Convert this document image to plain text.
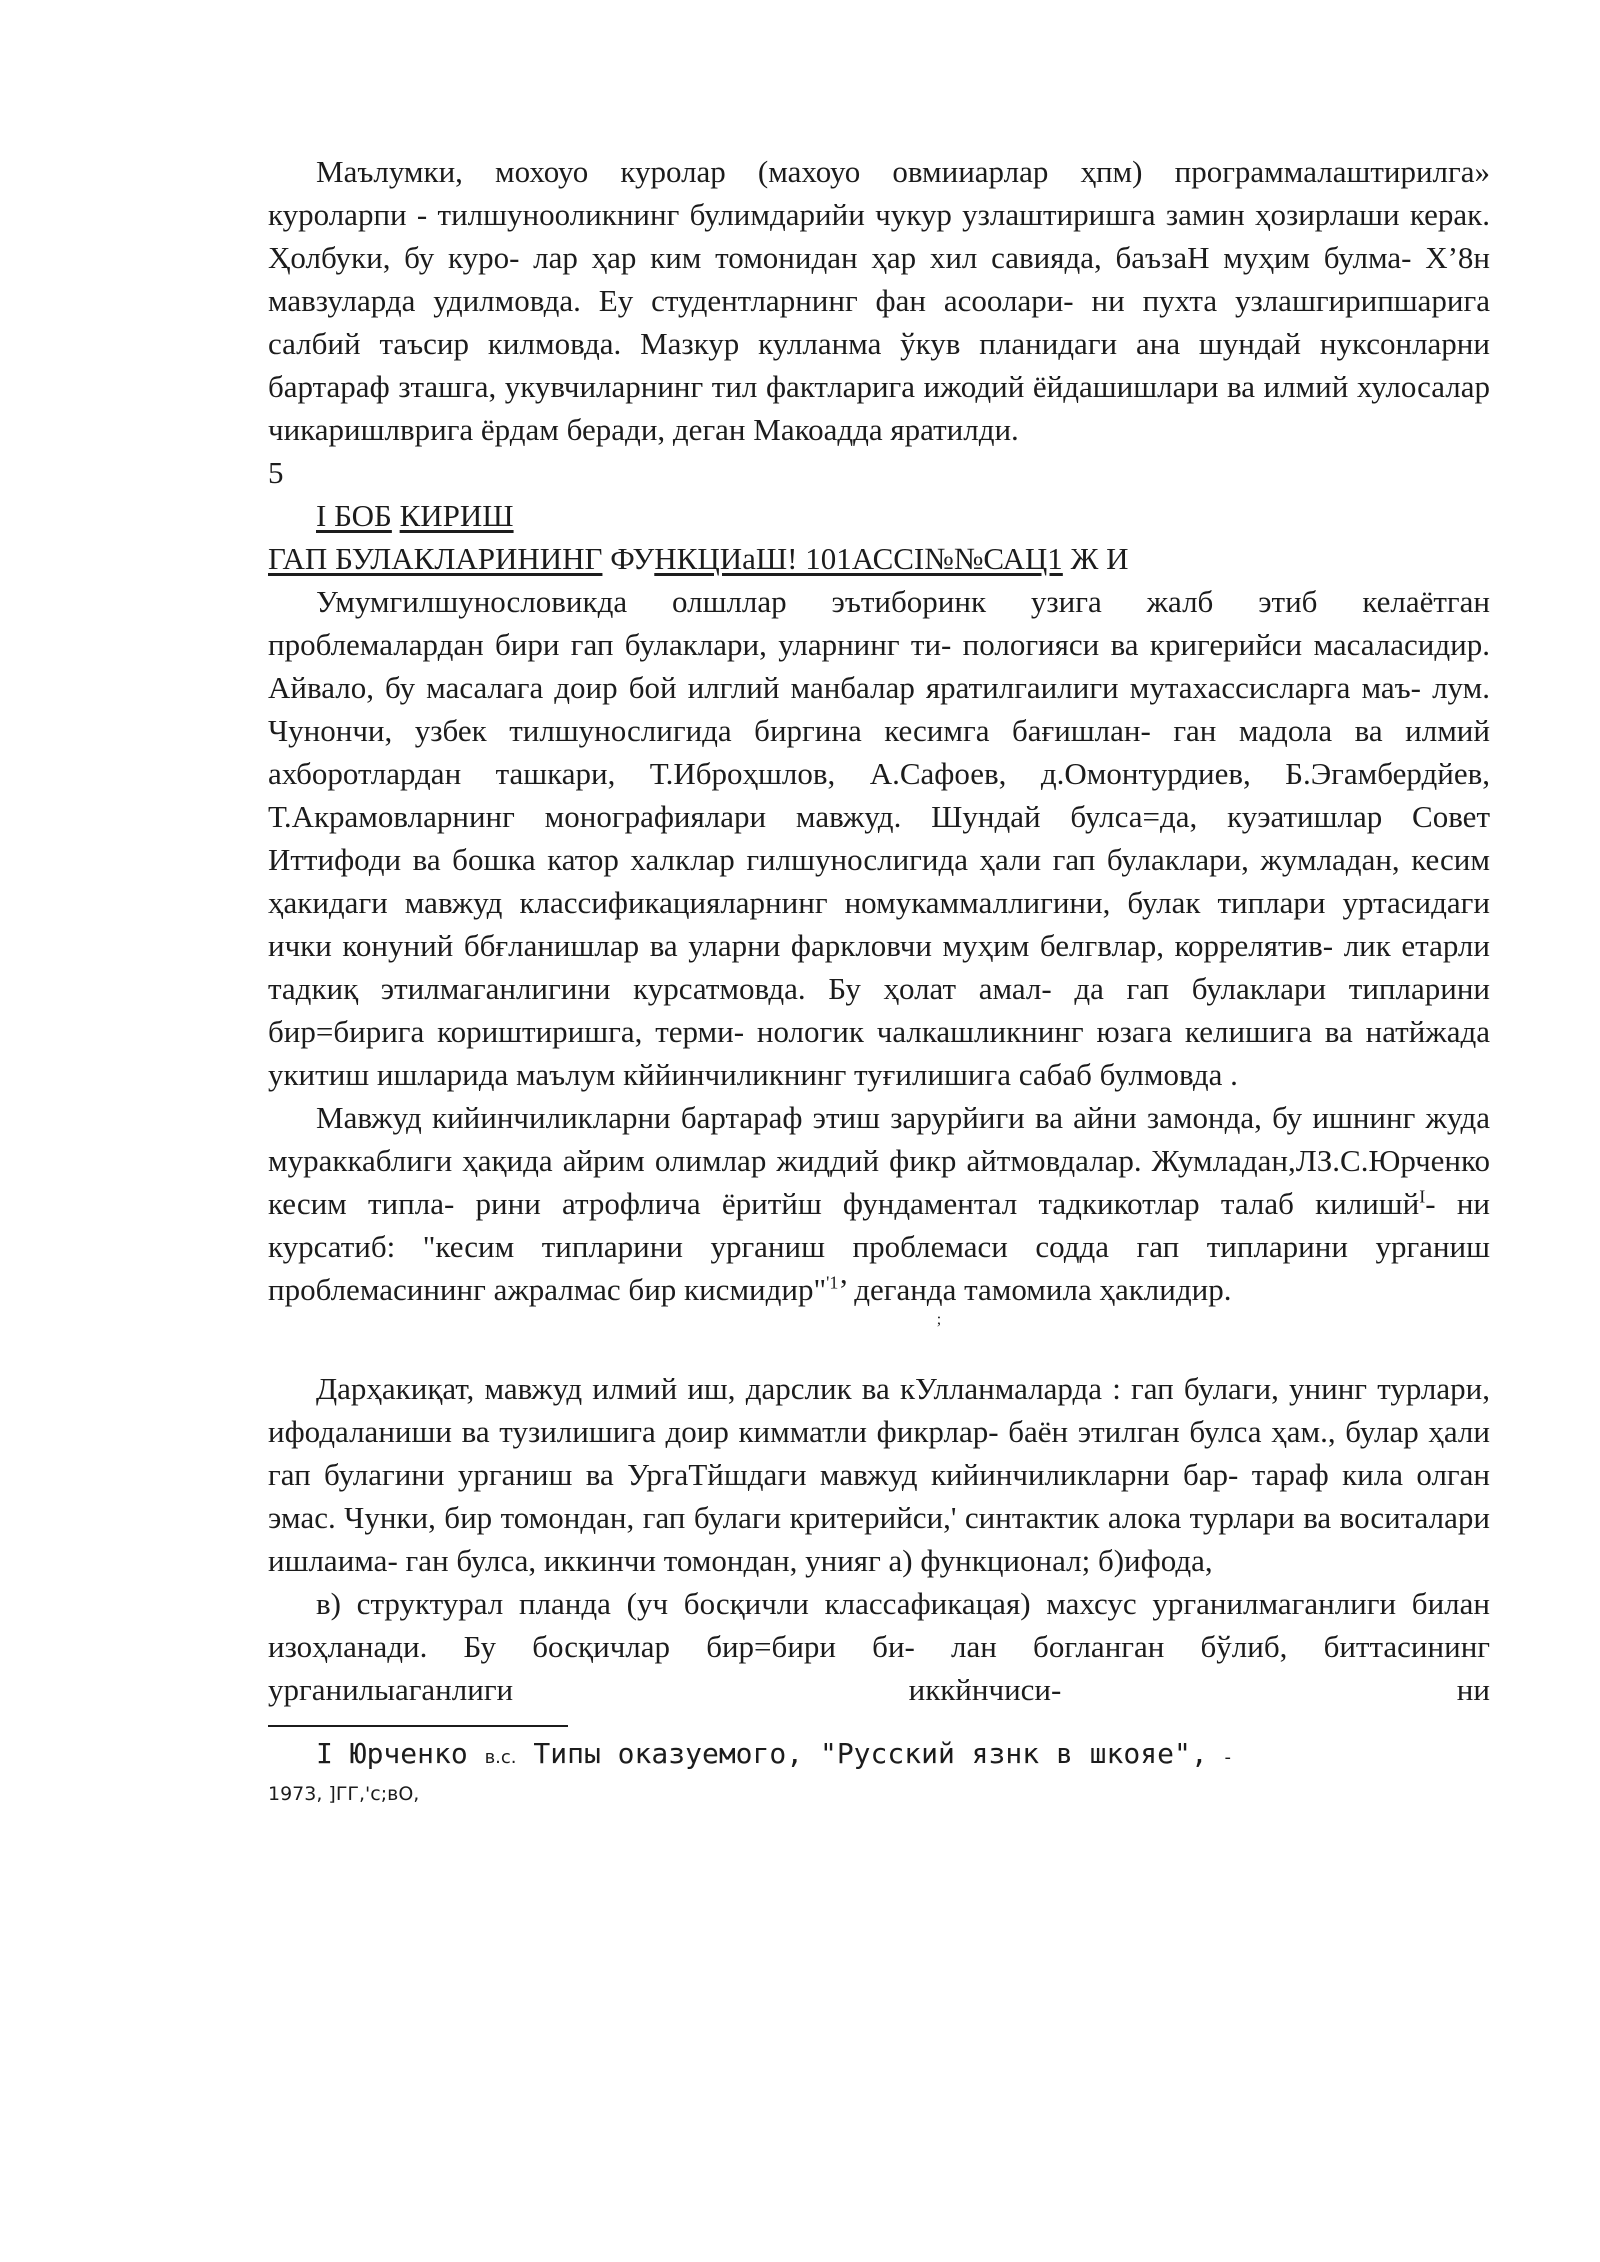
Маълумки, мохоуо куролар (махоуо овмииарлар ҳпм) программалаштирилга» куроларпи - тилшунооликнинг булимдарийи чукур узлаштиришга замин ҳозирлаши керак. Ҳолбуки, бу куро- лар ҳар ким томонидан ҳар хил савияда, баъзаН муҳим булма- Х’8н мавзуларда удилмовда. Еу студентларнинг фан асоолари- ни пухта узлашгирипшарига салбий таъсир килмовда. Мазкур кулланма ўкув планидаги ана шундай нуксонларни бартараф зташга, укувчиларнинг тил фактларига ижодий ёйдашишлари ва илмий хулосалар чикаришлврига ёрдам беради, деган Макоадда яратилди.

5

I БОБ КИРИШ

ГАП БУЛАКЛАРИНИНГ ФУНКЦИаШ! 101АССI№№САЦ1 Ж И

Умумгилшунословикда олшллар эътиборинк узига жалб этиб келаётган проблемалардан бири гап булаклари, уларнинг ти- пологияси ва кригерийси масаласидир. Айвало, бу масалага доир бой илглий манбалар яратилгаилиги мутахассисларга маъ- лум. Чунончи, узбек тилшунослигида биргина кесимга бағишлан- ган мадола ва илмий ахборотлардан ташкари, Т.Иброҳшлов, А.Сафоев, д.Омонтурдиев, Б.Эгамбердйев, Т.Акрамовларнинг монографиялари мавжуд. Шундай булса=да, куэатишлар Совет Иттифоди ва бошка катор халклар гилшунослигида ҳали гап булаклари, жумладан, кесим ҳакидаги мавжуд классификацияларнинг номукаммаллигини, булак типлари уртасидаги ички конуний ббғланишлар ва уларни фаркловчи муҳим белгвлар, коррелятив- лик етарли тадкиқ этилмаганлигини курсатмовда. Бу ҳолат амал- да гап булаклари типларини бир=бирига кориштиришга, терми- нологик чалкашликнинг юзага келишига ва натйжада укитиш ишларида маълум кййинчиликнинг туғилишига сабаб булмовда .

Мавжуд кийинчиликларни бартараф этиш зарурйиги ва айни замонда, бу ишнинг жуда мураккаблиги ҳақида айрим олимлар жиддий фикр айтмовдалар. Жумладан,ЛЗ.С.Юрченко кесим типла- рини атрофлича ёритйш фундаментал тадкикотлар талаб килишй$^I$- ни курсатиб: "кесим типларини урганиш проблемаси содда гап типларини урганиш проблемасининг ажралмас бир кисмидир"$^{'1}$’ деганда тамомила ҳаклидир.

;

Дарҳакиқат, мавжуд илмий иш, дарслик ва кУлланмаларда : гап булаги, унинг турлари, ифодаланиши ва тузилишига доир кимматли фикрлар- баён этилган булса ҳам., булар ҳали гап булагини урганиш ва УргаТйшдаги мавжуд кийинчиликларни бар- тараф кила олган эмас. Чунки, бир томондан, гап булаги критерийси,' синтактик алока турлари ва воситалари ишлаима- ган булса, иккинчи томондан, унияг а) функционал; б)ифода,

в) структурал планда (уч босқичли классафикацая) махсус урганилмаганлиги билан изоҳланади. Бу босқичлар бир=бири би- лан богланган бўлиб, биттасининг урганилыаганлиги иккйнчиси- ни

I Юрченко в.с. Типы оказуемого, "Русский язнк в шкояе", -

1973, ]ГГ,'с;вО,
